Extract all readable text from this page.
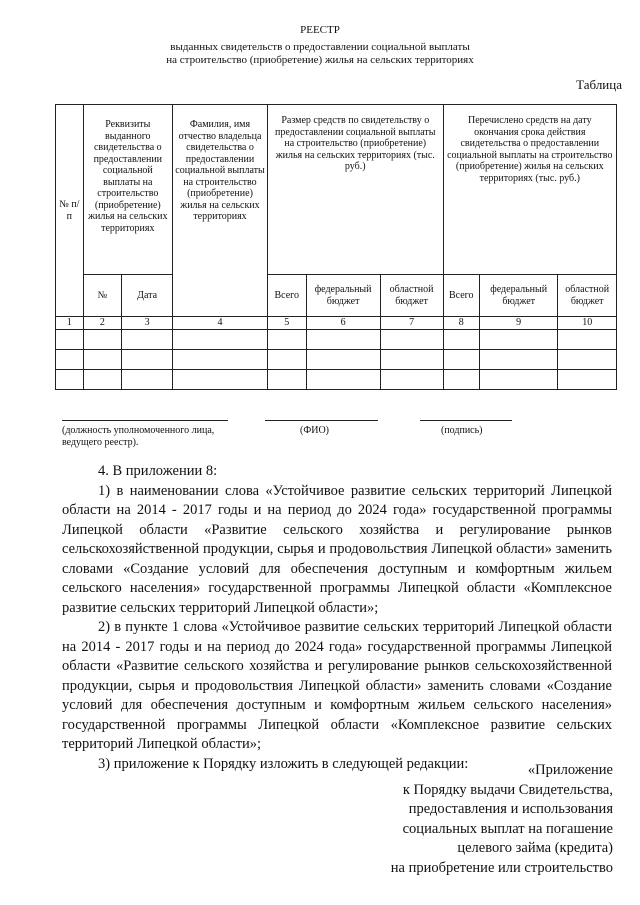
РЕЕСТР
выданных свидетельств о предоставлении социальной выплаты
на строительство (приобретение) жилья на сельских территориях
Таблица
№ п/п	Реквизиты выданного свидетельства о предоставлении социальной выплаты на строительство (приобретение) жилья на сельских территориях		Фамилия, имя отчество владельца свидетельства о предоставлении социальной выплаты на строительство (приобретение) жилья на сельских территориях	Размер средств по свидетельству о предоставлении социальной выплаты на строительство (приобретение) жилья на сельских территориях (тыс. руб.)			Перечислено средств на дату окончания срока действия свидетельства о предоставлении социальной выплаты на строительство (приобретение) жилья на сельских территориях (тыс. руб.)		
	№	Дата		Всего	федеральный бюджет	областной бюджет	Всего	федеральный бюджет	областной бюджет
1	2	3	4	5	6	7	8	9	10

(должность уполномоченного лица, ведущего реестр).
(ФИО)	(подпись)

4. В приложении 8:

1) в наименовании слова «Устойчивое развитие сельских территорий Липецкой области на 2014 - 2017 годы и на период до 2024 года» государственной программы Липецкой области «Развитие сельского хозяйства и регулирование рынков сельскохозяйственной продукции, сырья и продовольствия Липецкой области» заменить словами «Создание условий для обеспечения доступным и комфортным жильем сельского населения» государственной программы Липецкой области «Комплексное развитие сельских территорий Липецкой области»;

2) в пункте 1 слова «Устойчивое развитие сельских территорий Липецкой области на 2014 - 2017 годы и на период до 2024 года» государственной программы Липецкой области «Развитие сельского хозяйства и регулирование рынков сельскохозяйственной продукции, сырья и продовольствия Липецкой области» заменить словами «Создание условий для обеспечения доступным и комфортным жильем сельского населения» государственной программы Липецкой области «Комплексное развитие сельских территорий Липецкой области»;

3) приложение к Порядку изложить в следующей редакции:	«Приложение
к Порядку выдачи Свидетельства,
предоставления и использования
социальных выплат на погашение
целевого займа (кредита)
на приобретение или строительство
